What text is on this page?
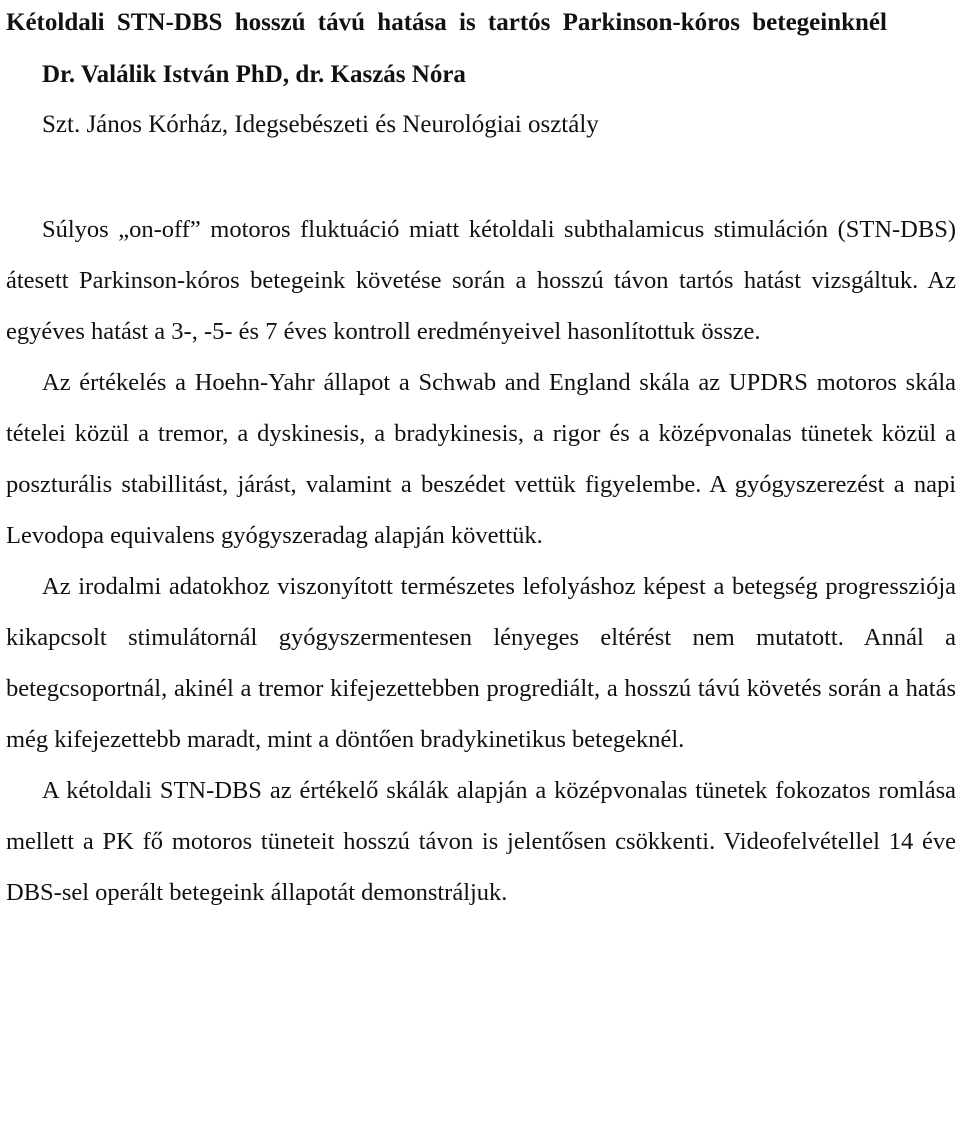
Kétoldali STN-DBS hosszú távú hatása is tartós Parkinson-kóros betegeinknél
Dr. Valálik István PhD, dr. Kaszás Nóra
Szt. János Kórház, Idegsebészeti és Neurológiai osztály

Súlyos „on-off” motoros fluktuáció miatt kétoldali subthalamicus stimuláción (STN-DBS) átesett Parkinson-kóros betegeink követése során a hosszú távon tartós hatást vizsgáltuk. Az egyéves hatást a 3-, -5- és 7 éves kontroll eredményeivel hasonlítottuk össze.

Az értékelés a Hoehn-Yahr állapot a Schwab and England skála az UPDRS motoros skála tételei közül a tremor, a dyskinesis, a bradykinesis, a rigor és a középvonalas tünetek közül a poszturális stabillitást, járást, valamint a beszédet vettük figyelembe. A gyógyszerezést a napi Levodopa equivalens gyógyszeradag alapján követtük.

Az irodalmi adatokhoz viszonyított természetes lefolyáshoz képest a betegség progressziója kikapcsolt stimulátornál gyógyszermentesen lényeges eltérést nem mutatott. Annál a betegcsoportnál, akinél a tremor kifejezettebben progrediált, a hosszú távú követés során a hatás még kifejezettebb maradt, mint a döntően bradykinetikus betegeknél.

A kétoldali STN-DBS az értékelő skálák alapján a középvonalas tünetek fokozatos romlása mellett a PK fő motoros tüneteit hosszú távon is jelentősen csökkenti. Videofelvétellel 14 éve DBS-sel operált betegeink állapotát demonstráljuk.
